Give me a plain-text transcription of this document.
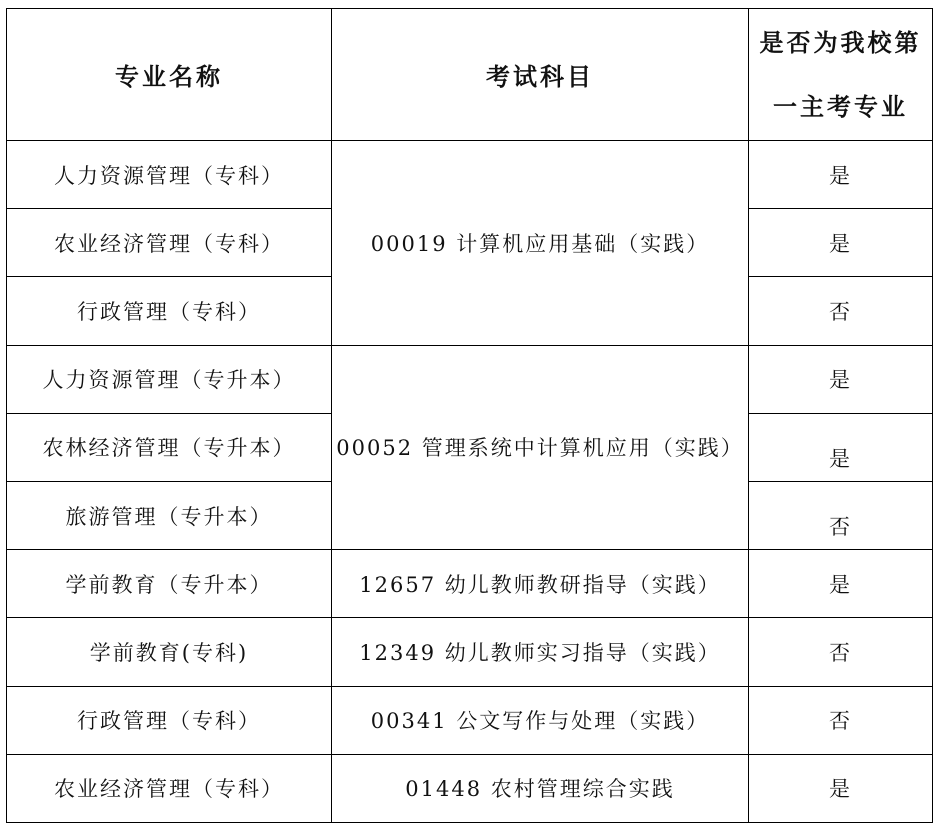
专业名称	考试科目	是否为我校第一主考专业
人力资源管理（专科）	00019 计算机应用基础（实践）	是
农业经济管理（专科）		是
行政管理（专科）		否
人力资源管理（专升本）	00052 管理系统中计算机应用（实践）	是
农林经济管理（专升本）		是
旅游管理（专升本）		否
学前教育（专升本）	12657 幼儿教师教研指导（实践）	是
学前教育(专科)	12349 幼儿教师实习指导（实践）	否
行政管理（专科）	00341 公文写作与处理（实践）	否
农业经济管理（专科）	01448 农村管理综合实践	是
